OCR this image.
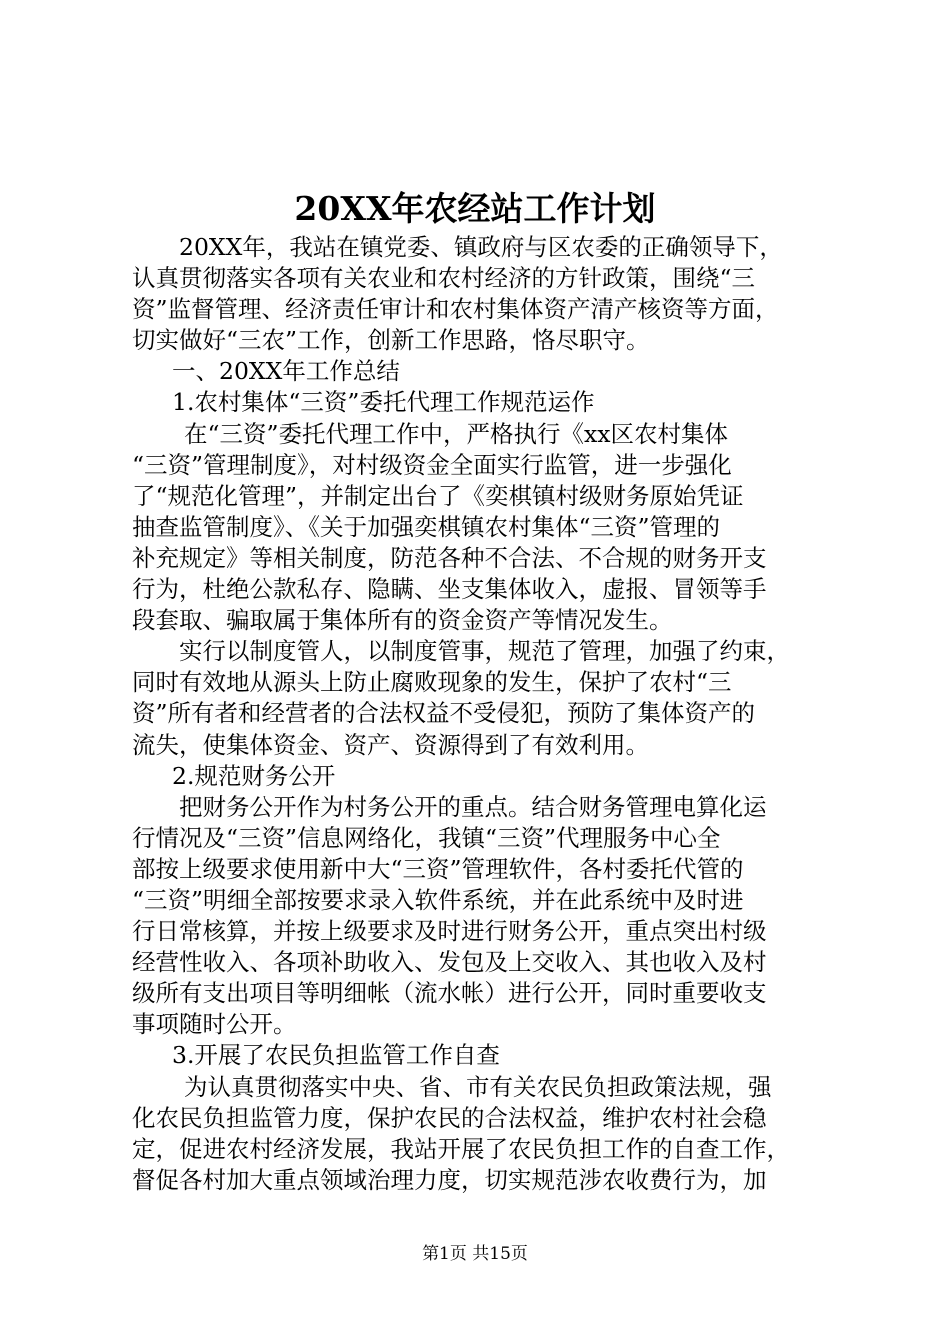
20XX年农经站工作计划
20XX年，我站在镇党委、镇政府与区农委的正确领导下，
认真贯彻落实各项有关农业和农村经济的方针政策，围绕“三
资”监督管理、经济责任审计和农村集体资产清产核资等方面，
切实做好“三农”工作，创新工作思路，恪尽职守。
一、20XX年工作总结
1.农村集体“三资”委托代理工作规范运作
在“三资”委托代理工作中，严格执行《xx区农村集体
“三资”管理制度》，对村级资金全面实行监管，进一步强化
了“规范化管理”，并制定出台了《奕棋镇村级财务原始凭证
抽查监管制度》、《关于加强奕棋镇农村集体“三资”管理的
补充规定》等相关制度，防范各种不合法、不合规的财务开支
行为，杜绝公款私存、隐瞒、坐支集体收入，虚报、冒领等手
段套取、骗取属于集体所有的资金资产等情况发生。
实行以制度管人，以制度管事，规范了管理，加强了约束，
同时有效地从源头上防止腐败现象的发生，保护了农村“三
资”所有者和经营者的合法权益不受侵犯，预防了集体资产的
流失，使集体资金、资产、资源得到了有效利用。
2.规范财务公开
把财务公开作为村务公开的重点。结合财务管理电算化运
行情况及“三资”信息网络化，我镇“三资”代理服务中心全
部按上级要求使用新中大“三资”管理软件，各村委托代管的
“三资”明细全部按要求录入软件系统，并在此系统中及时进
行日常核算，并按上级要求及时进行财务公开，重点突出村级
经营性收入、各项补助收入、发包及上交收入、其也收入及村
级所有支出项目等明细帐（流水帐）进行公开，同时重要收支
事项随时公开。
3.开展了农民负担监管工作自查
为认真贯彻落实中央、省、市有关农民负担政策法规，强
化农民负担监管力度，保护农民的合法权益，维护农村社会稳
定，促进农村经济发展，我站开展了农民负担工作的自查工作，
督促各村加大重点领域治理力度，切实规范涉农收费行为，加
第1页 共15页
